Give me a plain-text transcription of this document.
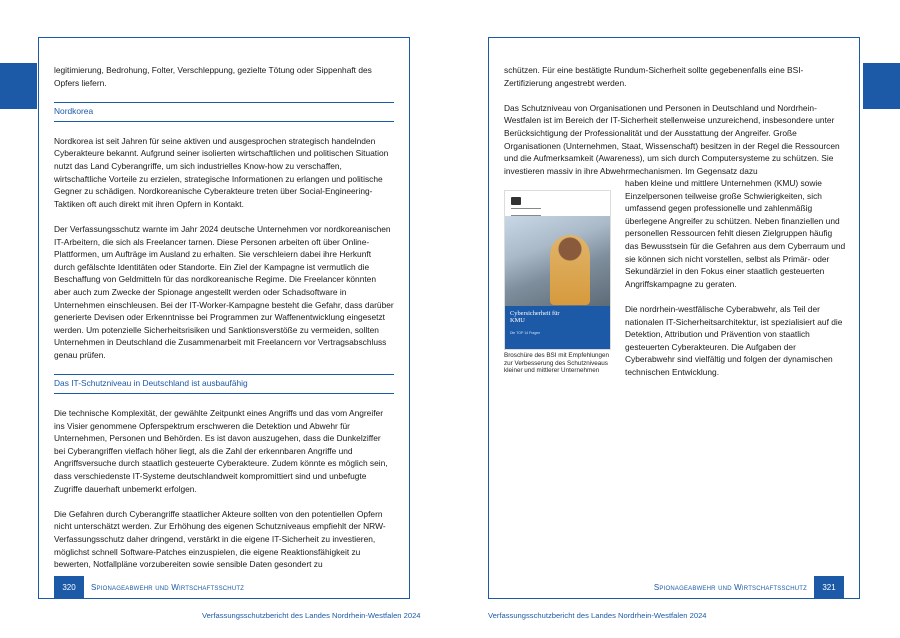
legitimierung, Bedrohung, Folter, Verschleppung, gezielte Tötung oder Sippenhaft des Opfers liefern.

Nordkorea

Nordkorea ist seit Jahren für seine aktiven und ausgesprochen strategisch handelnden Cyberakteure bekannt. Aufgrund seiner isolierten wirtschaftlichen und politischen Situation nutzt das Land Cyberangriffe, um sich industrielles Know-how zu verschaffen, wirtschaftliche Vorteile zu erzielen, strategische Informationen zu erlangen und politische Gegner zu schädigen. Nordkoreanische Cyberakteure treten über Social-Engineering-Taktiken oft auch direkt mit ihren Opfern in Kontakt.

Der Verfassungsschutz warnte im Jahr 2024 deutsche Unternehmen vor nordkoreanischen IT-Arbeitern, die sich als Freelancer tarnen. Diese Personen arbeiten oft über Online-Plattformen, um Aufträge im Ausland zu erhalten. Sie verschleiern dabei ihre Herkunft durch gefälschte Identitäten oder Standorte. Ein Ziel der Kampagne ist vermutlich die Beschaffung von Geldmitteln für das nordkoreanische Regime. Die Freelancer könnten aber auch zum Zwecke der Spionage angestellt werden oder Schadsoftware in Unternehmen einschleusen. Bei der IT-Worker-Kampagne besteht die Gefahr, dass darüber generierte Devisen oder Erkenntnisse bei Programmen zur Waffenentwicklung eingesetzt werden. Um potenzielle Sicherheitsrisiken und Sanktionsverstöße zu vermeiden, sollten Unternehmen in Deutschland die Zusammenarbeit mit Freelancern vor Vertragsabschluss genau prüfen.

Das IT-Schutzniveau in Deutschland ist ausbaufähig

Die technische Komplexität, der gewählte Zeitpunkt eines Angriffs und das vom Angreifer ins Visier genommene Opferspektrum erschweren die Detektion und Abwehr für Unternehmen, Personen und Behörden. Es ist davon auszugehen, dass die Dunkelziffer bei Cyberangriffen vielfach höher liegt, als die Zahl der erkennbaren Angriffe und Angriffsversuche durch staatlich gesteuerte Cyberakteure. Zudem könnte es möglich sein, dass verschiedenste IT-Systeme deutschlandweit kompromittiert sind und unbefugte Zugriffe dauerhaft unbemerkt erfolgen.

Die Gefahren durch Cyberangriffe staatlicher Akteure sollten von den potentiellen Opfern nicht unterschätzt werden. Zur Erhöhung des eigenen Schutzniveaus empfiehlt der NRW-Verfassungsschutz daher dringend, verstärkt in die eigene IT-Sicherheit zu investieren, möglichst schnell Software-Patches einzuspielen, die eigene Reaktionsfähigkeit zu bewerten, Notfallpläne vorzubereiten sowie sensible Daten gesondert zu

320	Spionageabwehr und Wirtschaftsschutz
Verfassungsschutzbericht des Landes Nordrhein-Westfalen 2024

schützen. Für eine bestätigte Rundum-Sicherheit sollte gegebenenfalls eine BSI-Zertifizierung angestrebt werden.

Das Schutzniveau von Organisationen und Personen in Deutschland und Nordrhein-Westfalen ist im Bereich der IT-Sicherheit stellenweise unzureichend, insbesondere unter Berücksichtigung der Professionalität und der Ausstattung der Angreifer. Große Organisationen (Unternehmen, Staat, Wissenschaft) besitzen in der Regel die Ressourcen und die Aufmerksamkeit (Awareness), um sich durch Computersysteme zu schützen. Sie investieren massiv in ihre Abwehrmechanismen. Im Gegensatz dazu

Cybersicherheit für KMU
Die TOP 14 Fragen
Broschüre des BSI mit Empfehlungen zur Verbesserung des Schutzniveaus kleiner und mittlerer Unternehmen

haben kleine und mittlere Unternehmen (KMU) sowie Einzelpersonen teilweise große Schwierigkeiten, sich umfassend gegen professionelle und zahlenmäßig überlegene Angreifer zu schützen. Neben finanziellen und personellen Ressourcen fehlt diesen Zielgruppen häufig das Bewusstsein für die Gefahren aus dem Cyberraum und sie können sich nicht vorstellen, selbst als Primär- oder Sekundärziel in den Fokus einer staatlich gesteuerten Angriffskampagne zu geraten.

Die nordrhein-westfälische Cyberabwehr, als Teil der nationalen IT-Sicherheitsarchitektur, ist spezialisiert auf die Detektion, Attribution und Prävention von staatlich gesteuerten Cyberakteuren. Die Aufgaben der Cyberabwehr sind vielfältig und folgen der dynamischen technischen Entwicklung.

Spionageabwehr und Wirtschaftsschutz	321
Verfassungsschutzbericht des Landes Nordrhein-Westfalen 2024
